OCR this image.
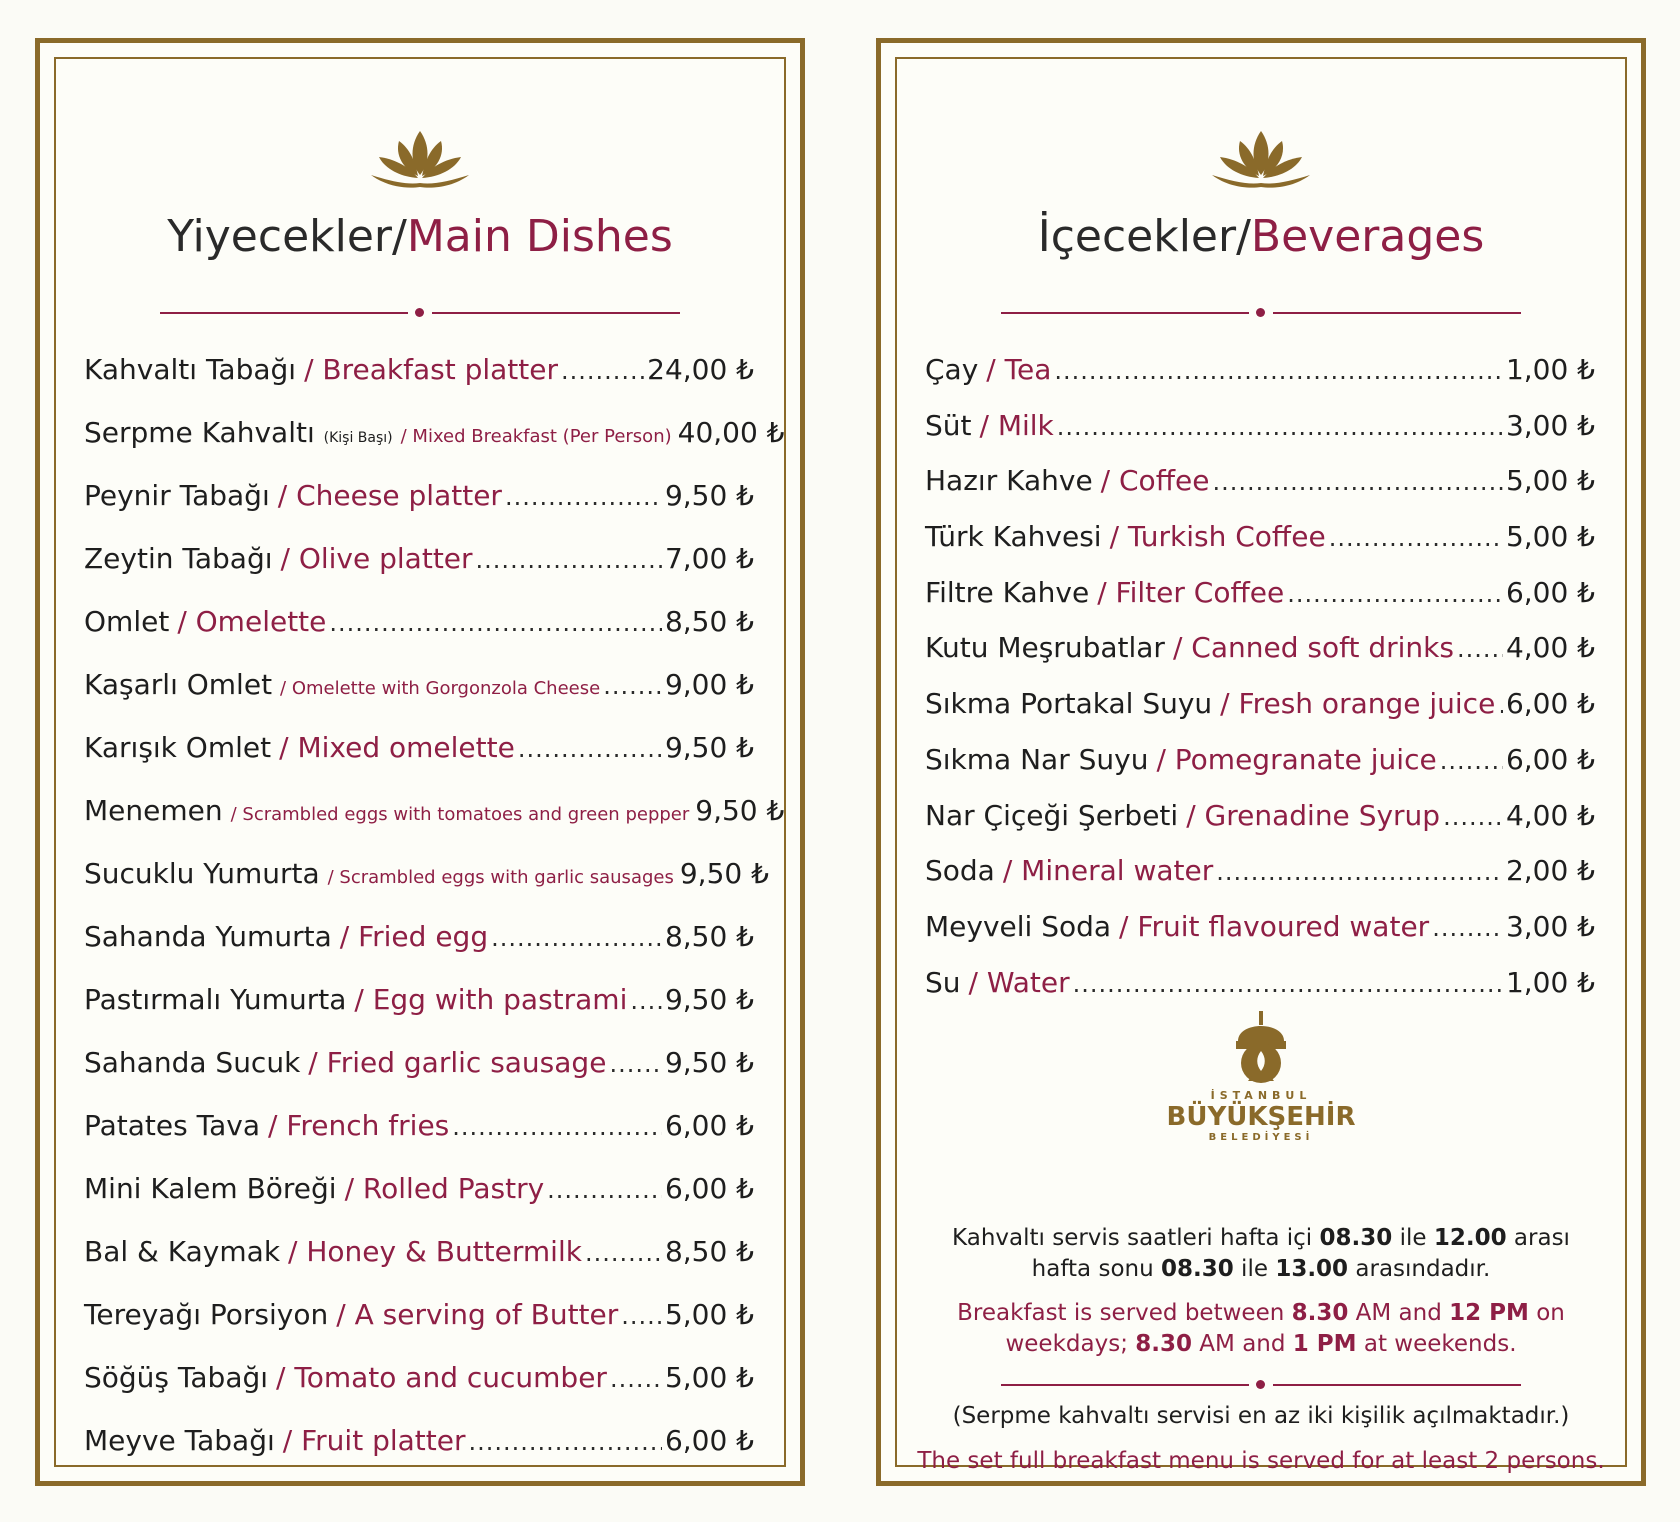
Yiyecekler/Main Dishes
Kahvaltı Tabağı / Breakfast platter .....	24,00 ₺
Serpme Kahvaltı (Kişi Başı) / Mixed Breakfast (Per Person) 40,00 ₺
Peynir Tabağı / Cheese platter .....	9,50 ₺
Zeytin Tabağı / Olive platter .....	7,00 ₺
Omlet / Omelette .....	8,50 ₺
Kaşarlı Omlet / Omelette with Gorgonzola Cheese ..... 9,00 ₺
Karışık Omlet / Mixed omelette .....	9,50 ₺
Menemen / Scrambled eggs with tomatoes and green pepper 9,50 ₺
Sucuklu Yumurta / Scrambled eggs with garlic sausages 9,50 ₺
Sahanda Yumurta / Fried egg .....	8,50 ₺
Pastırmalı Yumurta / Egg with pastrami ..... 9,50 ₺
Sahanda Sucuk / Fried garlic sausage ..... 9,50 ₺
Patates Tava / French fries .....	6,00 ₺
Mini Kalem Böreği / Rolled Pastry .....	6,00 ₺
Bal & Kaymak / Honey & Buttermilk .....	8,50 ₺
Tereyağı Porsiyon / A serving of Butter ..... 5,00 ₺
Söğüş Tabağı / Tomato and cucumber ..... 5,00 ₺
Meyve Tabağı / Fruit platter .....	6,00 ₺
İçecekler/Beverages
Çay / Tea .....	1,00 ₺
Süt / Milk .....	3,00 ₺
Hazır Kahve / Coffee .....	5,00 ₺
Türk Kahvesi / Turkish Coffee .....	5,00 ₺
Filtre Kahve / Filter Coffee .....	6,00 ₺
Kutu Meşrubatlar / Canned soft drinks ..... 4,00 ₺
Sıkma Portakal Suyu / Fresh orange juice ..... 6,00 ₺
Sıkma Nar Suyu / Pomegranate juice ..... 6,00 ₺
Nar Çiçeği Şerbeti / Grenadine Syrup ..... 4,00 ₺
Soda / Mineral water .....	2,00 ₺
Meyveli Soda / Fruit flavoured water .....	3,00 ₺
Su / Water .....	1,00 ₺
İSTANBUL
BÜYÜKŞEHİR
BELEDİYESİ
Kahvaltı servis saatleri hafta içi 08.30 ile 12.00 arası
hafta sonu 08.30 ile 13.00 arasındadır.
Breakfast is served between 8.30 AM and 12 PM on
weekdays; 8.30 AM and 1 PM at weekends.
(Serpme kahvaltı servisi en az iki kişilik açılmaktadır.)
The set full breakfast menu is served for at least 2 persons.
